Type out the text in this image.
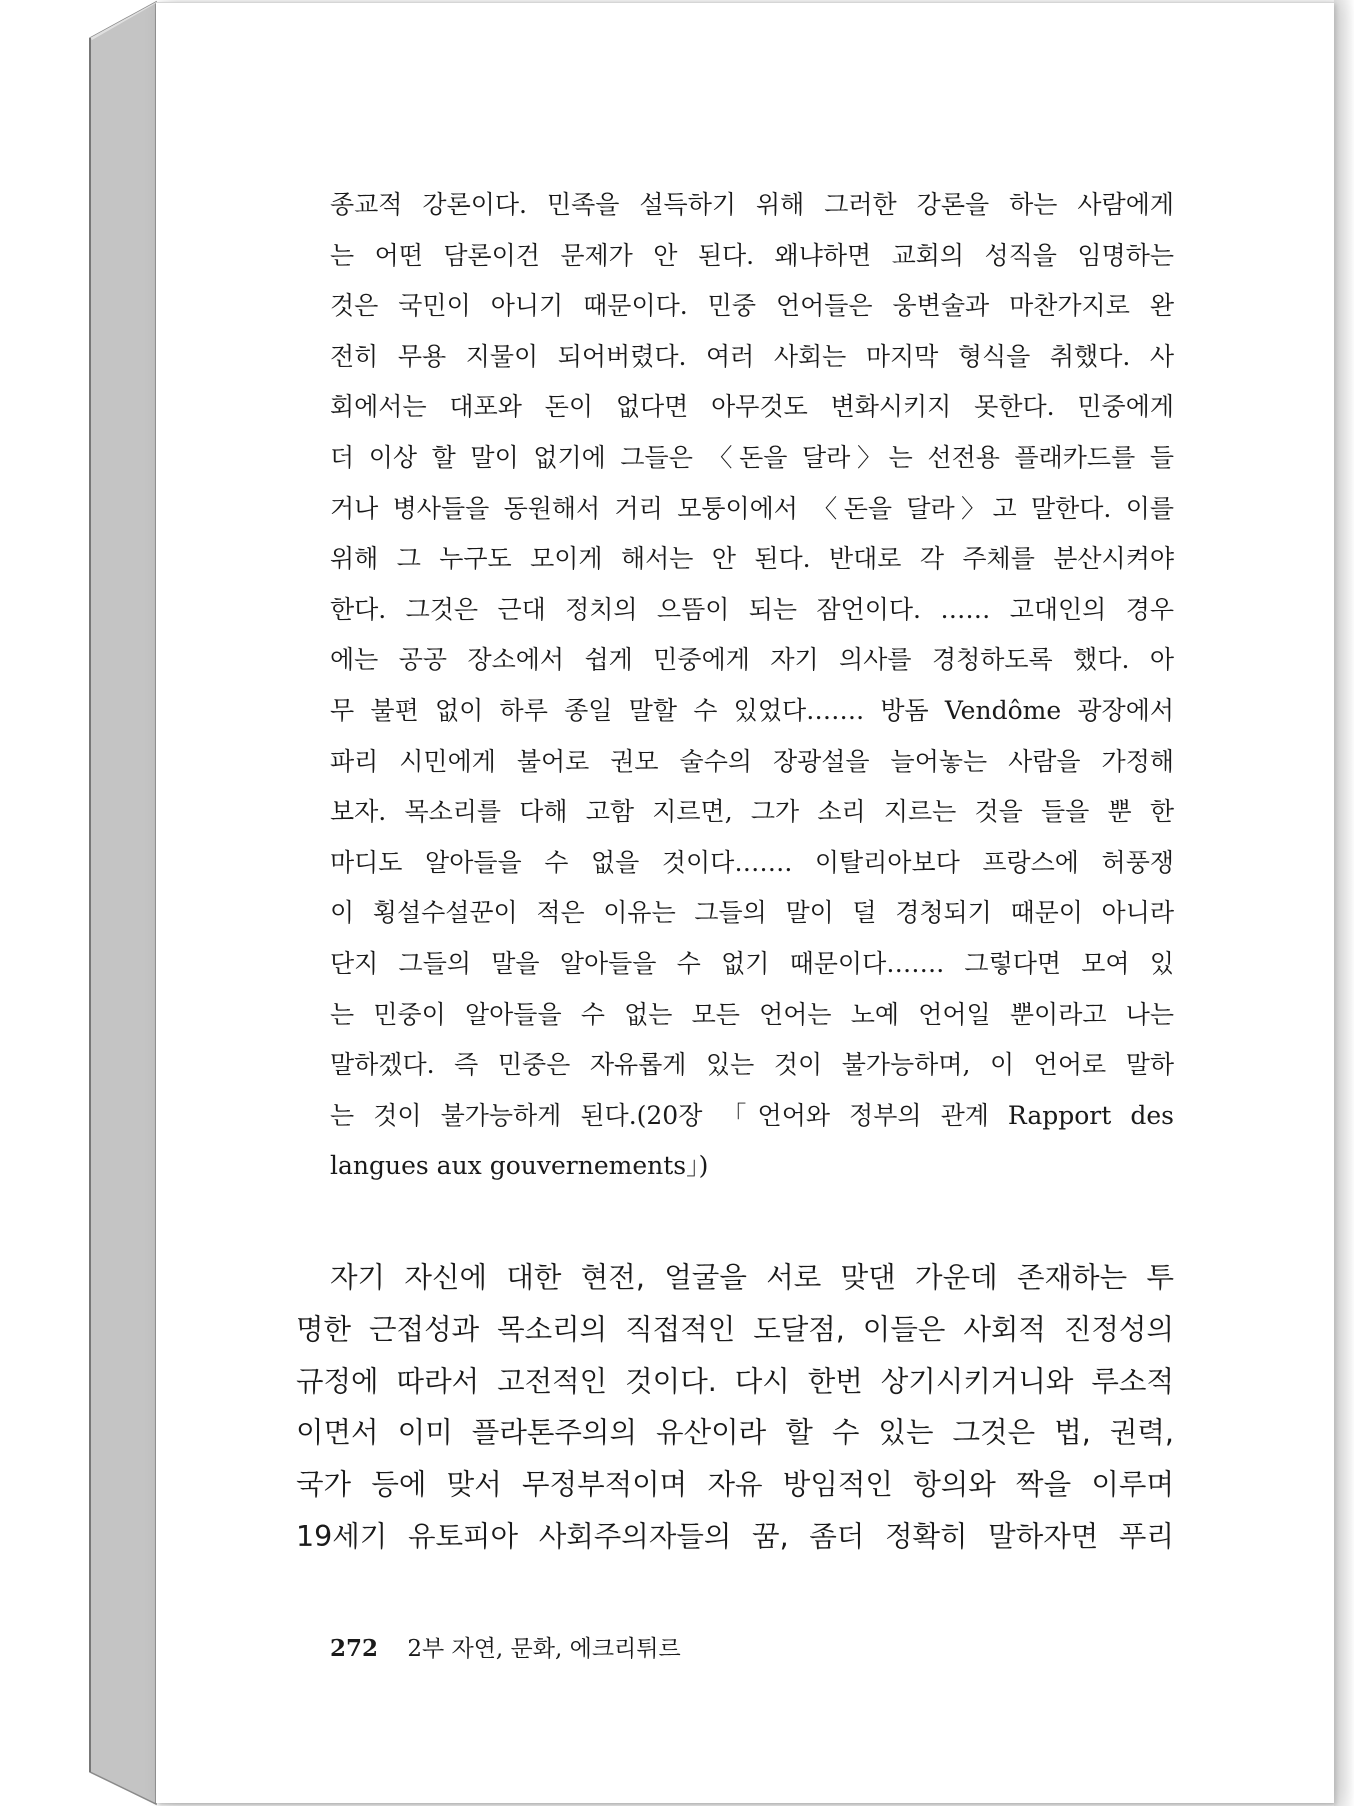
종교적 강론이다. 민족을 설득하기 위해 그러한 강론을 하는 사람에게
는 어떤 담론이건 문제가 안 된다. 왜냐하면 교회의 성직을 임명하는
것은 국민이 아니기 때문이다. 민중 언어들은 웅변술과 마찬가지로 완
전히 무용 지물이 되어버렸다. 여러 사회는 마지막 형식을 취했다. 사
회에서는 대포와 돈이 없다면 아무것도 변화시키지 못한다. 민중에게
더 이상 할 말이 없기에 그들은 〈돈을 달라〉는 선전용 플래카드를 들
거나 병사들을 동원해서 거리 모퉁이에서 〈돈을 달라〉고 말한다. 이를
위해 그 누구도 모이게 해서는 안 된다. 반대로 각 주체를 분산시켜야
한다. 그것은 근대 정치의 으뜸이 되는 잠언이다. …… 고대인의 경우
에는 공공 장소에서 쉽게 민중에게 자기 의사를 경청하도록 했다. 아
무 불편 없이 하루 종일 말할 수 있었다……. 방돔 Vendôme 광장에서
파리 시민에게 불어로 권모 술수의 장광설을 늘어놓는 사람을 가정해
보자. 목소리를 다해 고함 지르면, 그가 소리 지르는 것을 들을 뿐 한
마디도 알아들을 수 없을 것이다……. 이탈리아보다 프랑스에 허풍쟁
이 횡설수설꾼이 적은 이유는 그들의 말이 덜 경청되기 때문이 아니라
단지 그들의 말을 알아들을 수 없기 때문이다……. 그렇다면 모여 있
는 민중이 알아들을 수 없는 모든 언어는 노예 언어일 뿐이라고 나는
말하겠다. 즉 민중은 자유롭게 있는 것이 불가능하며, 이 언어로 말하
는 것이 불가능하게 된다.(20장 「언어와 정부의 관계 Rapport des
langues aux gouvernements」)
자기 자신에 대한 현전, 얼굴을 서로 맞댄 가운데 존재하는 투
명한 근접성과 목소리의 직접적인 도달점, 이들은 사회적 진정성의
규정에 따라서 고전적인 것이다. 다시 한번 상기시키거니와 루소적
이면서 이미 플라톤주의의 유산이라 할 수 있는 그것은 법, 권력,
국가 등에 맞서 무정부적이며 자유 방임적인 항의와 짝을 이루며
19세기 유토피아 사회주의자들의 꿈, 좀더 정확히 말하자면 푸리
272 2부 자연, 문화, 에크리튀르
